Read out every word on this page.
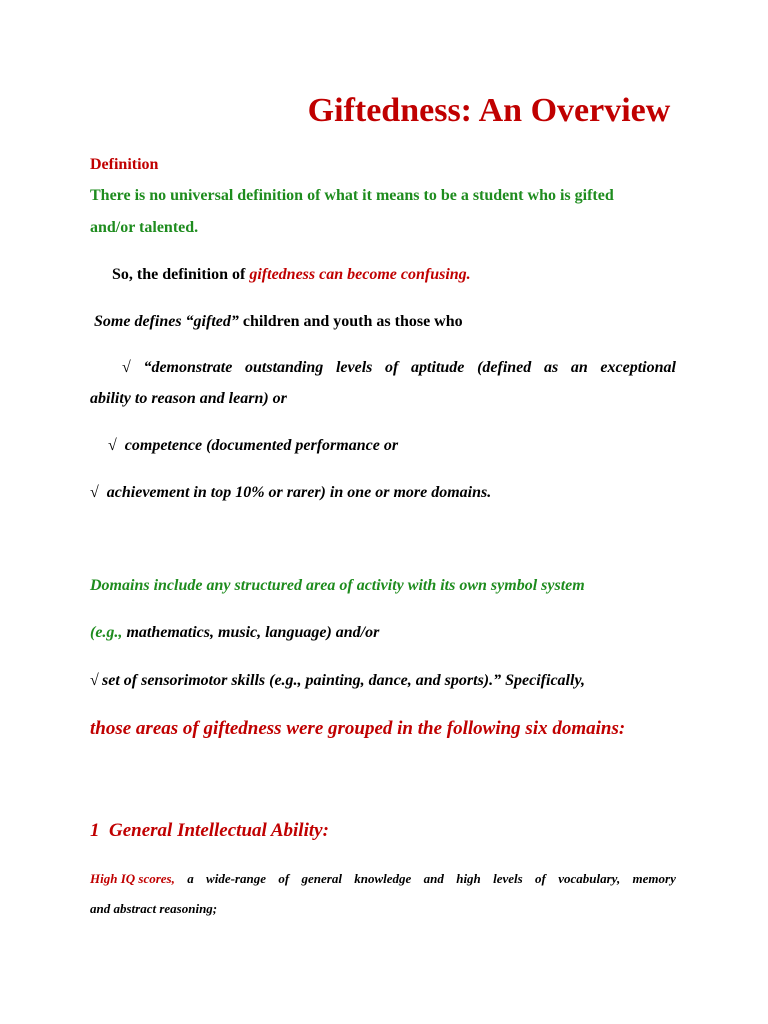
Giftedness: An Overview
Definition
There is no universal definition of what it means to be a student who is gifted
and/or talented.
So, the definition of giftedness can become confusing.
Some defines “gifted” children and youth as those who
√ “demonstrate outstanding levels of aptitude (defined as an exceptional
ability to reason and learn) or
√ competence (documented performance or
√ achievement in top 10% or rarer) in one or more domains.
Domains include any structured area of activity with its own symbol system
(e.g., mathematics, music, language) and/or
√  set of sensorimotor skills (e.g., painting, dance, and sports).” Specifically,
those areas of giftedness were grouped in the following six domains:
1 General Intellectual Ability:
High IQ scores, a wide-range of general knowledge and high levels of vocabulary, memory
and abstract reasoning;
